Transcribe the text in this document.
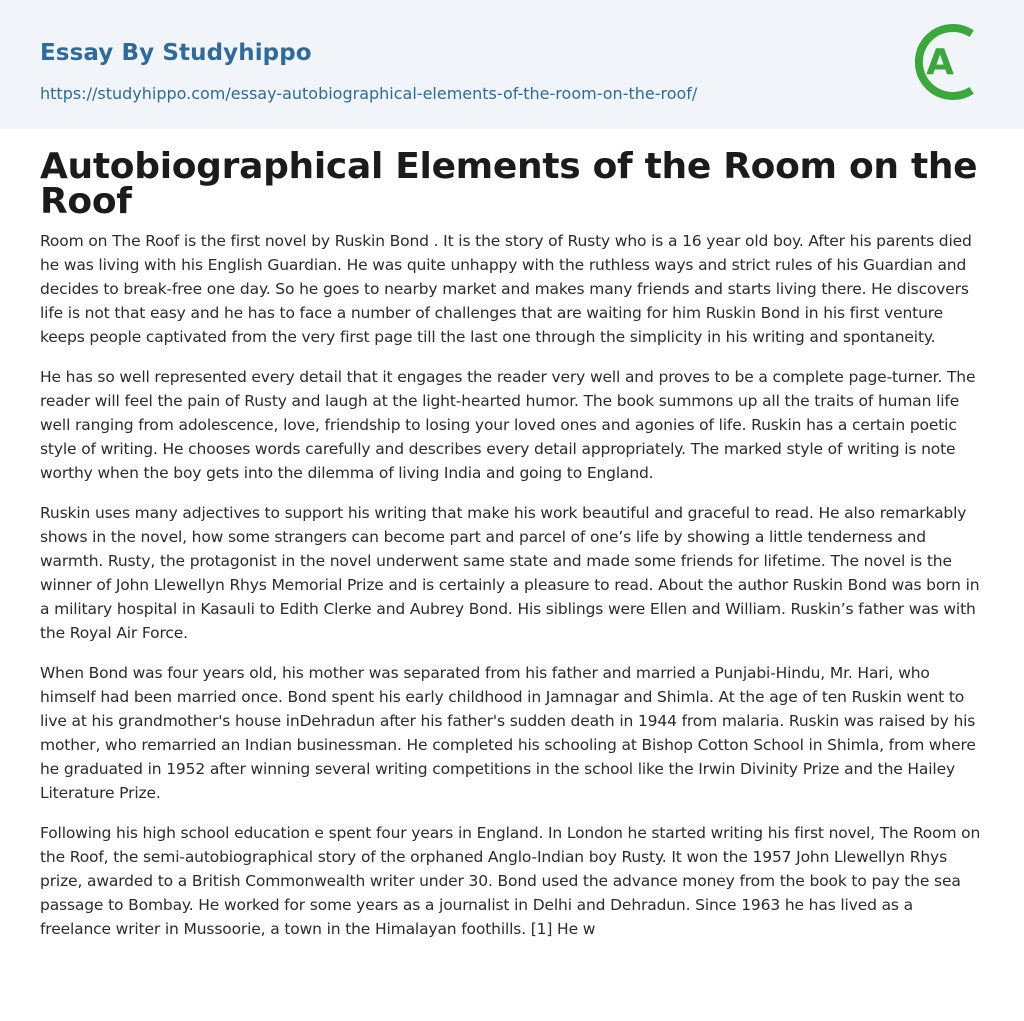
Essay By Studyhippo
https://studyhippo.com/essay-autobiographical-elements-of-the-room-on-the-roof/
A
Autobiographical Elements of the Room on the Roof

Room on The Roof is the first novel by Ruskin Bond . It is the story of Rusty who is a 16 year old boy. After his parents died he was living with his English Guardian. He was quite unhappy with the ruthless ways and strict rules of his Guardian and decides to break-free one day. So he goes to nearby market and makes many friends and starts living there. He discovers life is not that easy and he has to face a number of challenges that are waiting for him Ruskin Bond in his first venture keeps people captivated from the very first page till the last one through the simplicity in his writing and spontaneity.

He has so well represented every detail that it engages the reader very well and proves to be a complete page-turner. The reader will feel the pain of Rusty and laugh at the light-hearted humor. The book summons up all the traits of human life well ranging from adolescence, love, friendship to losing your loved ones and agonies of life. Ruskin has a certain poetic style of writing. He chooses words carefully and describes every detail appropriately. The marked style of writing is note worthy when the boy gets into the dilemma of living India and going to England.

Ruskin uses many adjectives to support his writing that make his work beautiful and graceful to read. He also remarkably shows in the novel, how some strangers can become part and parcel of one’s life by showing a little tenderness and warmth. Rusty, the protagonist in the novel underwent same state and made some friends for lifetime. The novel is the winner of John Llewellyn Rhys Memorial Prize and is certainly a pleasure to read. About the author Ruskin Bond was born in a military hospital in Kasauli to Edith Clerke and Aubrey Bond. His siblings were Ellen and William. Ruskin’s father was with the Royal Air Force.

When Bond was four years old, his mother was separated from his father and married a Punjabi-Hindu, Mr. Hari, who himself had been married once. Bond spent his early childhood in Jamnagar and Shimla. At the age of ten Ruskin went to live at his grandmother's house inDehradun after his father's sudden death in 1944 from malaria. Ruskin was raised by his mother, who remarried an Indian businessman. He completed his schooling at Bishop Cotton School in Shimla, from where he graduated in 1952 after winning several writing competitions in the school like the Irwin Divinity Prize and the Hailey Literature Prize.

Following his high school education e spent four years in England. In London he started writing his first novel, The Room on the Roof, the semi-autobiographical story of the orphaned Anglo-Indian boy Rusty. It won the 1957 John Llewellyn Rhys prize, awarded to a British Commonwealth writer under 30. Bond used the advance money from the book to pay the sea passage to Bombay. He worked for some years as a journalist in Delhi and Dehradun. Since 1963 he has lived as a freelance writer in Mussoorie, a town in the Himalayan foothills. [1] He w
